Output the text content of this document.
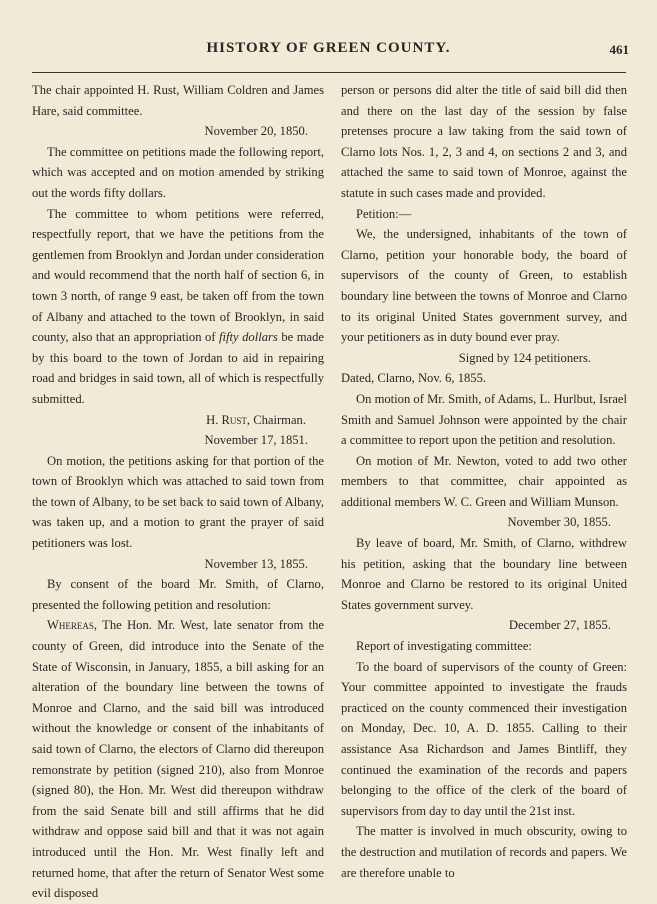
HISTORY OF GREEN COUNTY.	461

The chair appointed H. Rust, William Coldren and James Hare, said committee.

November 20, 1850.

The committee on petitions made the following report, which was accepted and on motion amended by striking out the words fifty dollars.

The committee to whom petitions were referred, respectfully report, that we have the petitions from the gentlemen from Brooklyn and Jordan under consideration and would recommend that the north half of section 6, in town 3 north, of range 9 east, be taken off from the town of Albany and attached to the town of Brooklyn, in said county, also that an appropriation of fifty dollars be made by this board to the town of Jordan to aid in repairing road and bridges in said town, all of which is respectfully submitted.

H. Rust, Chairman.

November 17, 1851.

On motion, the petitions asking for that portion of the town of Brooklyn which was attached to said town from the town of Albany, to be set back to said town of Albany, was taken up, and a motion to grant the prayer of said petitioners was lost.

November 13, 1855.

By consent of the board Mr. Smith, of Clarno, presented the following petition and resolution:

Whereas, The Hon. Mr. West, late senator from the county of Green, did introduce into the Senate of the State of Wisconsin, in January, 1855, a bill asking for an alteration of the boundary line between the towns of Monroe and Clarno, and the said bill was introduced without the knowledge or consent of the inhabitants of said town of Clarno, the electors of Clarno did thereupon remonstrate by petition (signed 210), also from Monroe (signed 80), the Hon. Mr. West did thereupon withdraw from the said Senate bill and still affirms that he did withdraw and oppose said bill and that it was not again introduced until the Hon. Mr. West finally left and returned home, that after the return of Senator West some evil disposed

person or persons did alter the title of said bill did then and there on the last day of the session by false pretenses procure a law taking from the said town of Clarno lots Nos. 1, 2, 3 and 4, on sections 2 and 3, and attached the same to said town of Monroe, against the statute in such cases made and provided.

Petition:—

We, the undersigned, inhabitants of the town of Clarno, petition your honorable body, the board of supervisors of the county of Green, to establish boundary line between the towns of Monroe and Clarno to its original United States government survey, and your petitioners as in duty bound ever pray.

Signed by 124 petitioners.

Dated, Clarno, Nov. 6, 1855.

On motion of Mr. Smith, of Adams, L. Hurlbut, Israel Smith and Samuel Johnson were appointed by the chair a committee to report upon the petition and resolution.

On motion of Mr. Newton, voted to add two other members to that committee, chair appointed as additional members W. C. Green and William Munson.

November 30, 1855.

By leave of board, Mr. Smith, of Clarno, withdrew his petition, asking that the boundary line between Monroe and Clarno be restored to its original United States government survey.

December 27, 1855.

Report of investigating committee:

To the board of supervisors of the county of Green: Your committee appointed to investigate the frauds practiced on the county commenced their investigation on Monday, Dec. 10, A. D. 1855. Calling to their assistance Asa Richardson and James Bintliff, they continued the examination of the records and papers belonging to the office of the clerk of the board of supervisors from day to day until the 21st inst.

The matter is involved in much obscurity, owing to the destruction and mutilation of records and papers. We are therefore unable to
